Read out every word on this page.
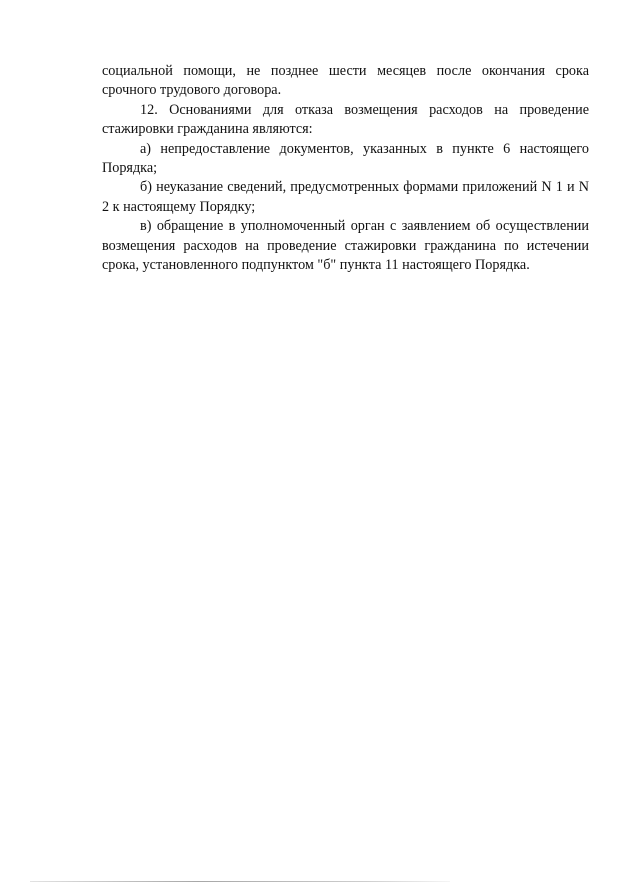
социальной помощи, не позднее шести месяцев после окончания срока срочного трудового договора.

12. Основаниями для отказа возмещения расходов на проведение стажировки гражданина являются:

а) непредоставление документов, указанных в пункте 6 настоящего Порядка;

б) неуказание сведений, предусмотренных формами приложений N 1 и N 2 к настоящему Порядку;

в) обращение в уполномоченный орган с заявлением об осуществлении возмещения расходов на проведение стажировки гражданина по истечении срока, установленного подпунктом "б" пункта 11 настоящего Порядка.
